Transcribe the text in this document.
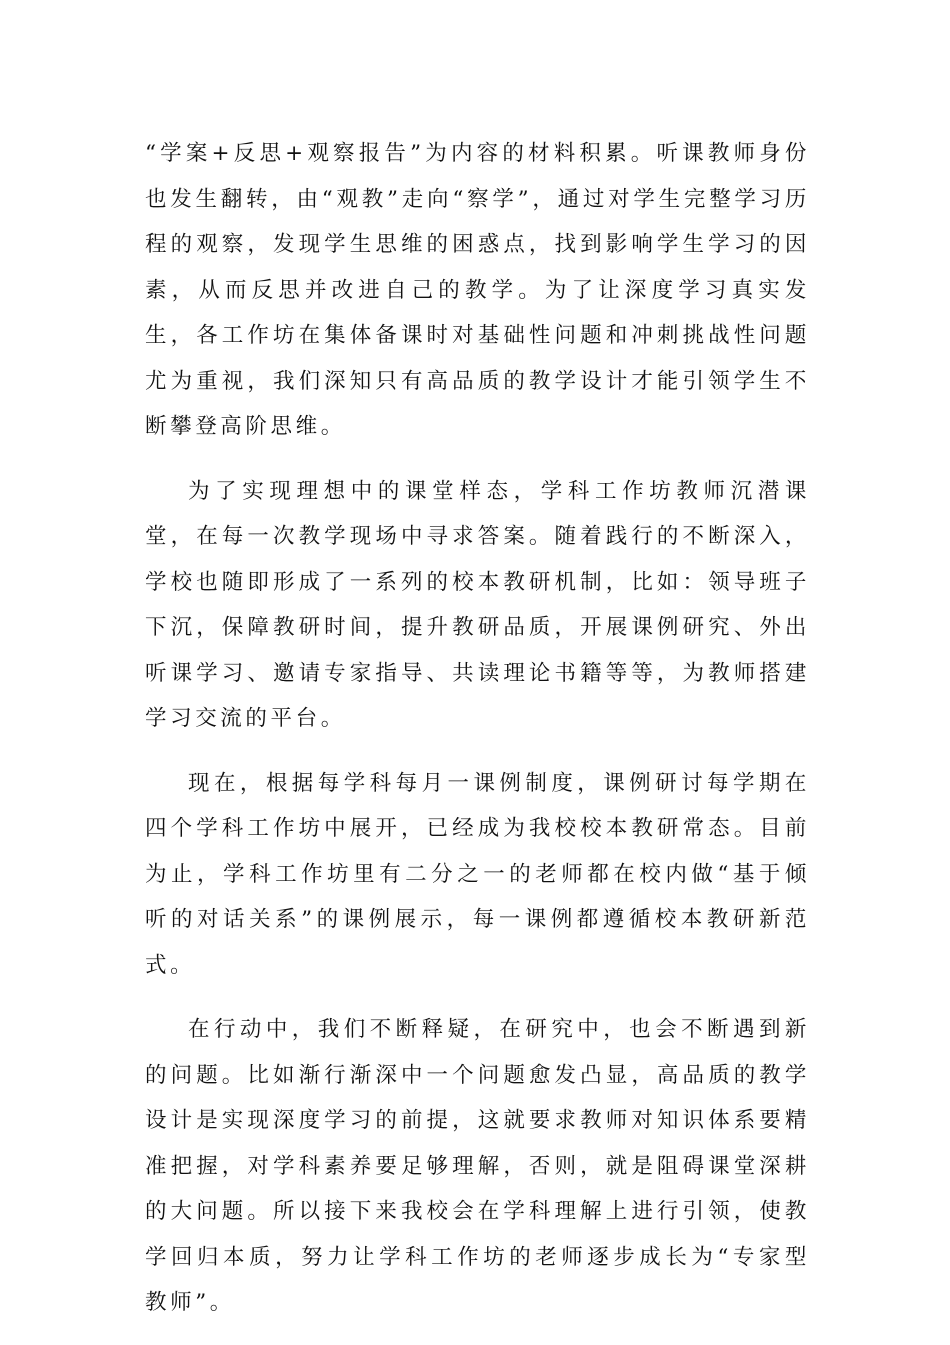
“学案+反思+观察报告”为内容的材料积累。听课教师身份也发生翻转，由“观教”走向“察学”，通过对学生完整学习历程的观察，发现学生思维的困惑点，找到影响学生学习的因素，从而反思并改进自己的教学。为了让深度学习真实发生，各工作坊在集体备课时对基础性问题和冲刺挑战性问题尤为重视，我们深知只有高品质的教学设计才能引领学生不断攀登高阶思维。

为了实现理想中的课堂样态，学科工作坊教师沉潜课堂，在每一次教学现场中寻求答案。随着践行的不断深入，学校也随即形成了一系列的校本教研机制，比如：领导班子下沉，保障教研时间，提升教研品质，开展课例研究、外出听课学习、邀请专家指导、共读理论书籍等等，为教师搭建学习交流的平台。

现在，根据每学科每月一课例制度，课例研讨每学期在四个学科工作坊中展开，已经成为我校校本教研常态。目前为止，学科工作坊里有二分之一的老师都在校内做“基于倾听的对话关系”的课例展示，每一课例都遵循校本教研新范式。

在行动中，我们不断释疑，在研究中，也会不断遇到新的问题。比如渐行渐深中一个问题愈发凸显，高品质的教学设计是实现深度学习的前提，这就要求教师对知识体系要精准把握，对学科素养要足够理解，否则，就是阻碍课堂深耕的大问题。所以接下来我校会在学科理解上进行引领，使教学回归本质，努力让学科工作坊的老师逐步成长为“专家型教师”。
